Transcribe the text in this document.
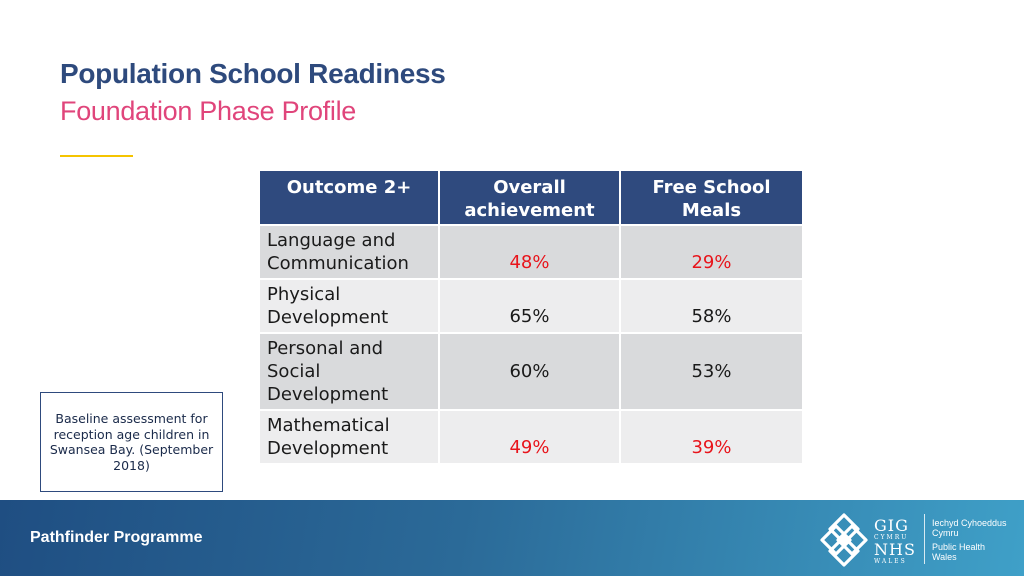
Population School Readiness
Foundation Phase Profile
Outcome 2+	Overall achievement	Free School Meals
Language and Communication	48%	29%
Physical Development	65%	58%
Personal and Social Development	60%	53%
Mathematical Development	49%	39%
Baseline assessment for reception age children in Swansea Bay. (September 2018)
Pathfinder Programme
GIG
CYMRU
NHS
WALES
Iechyd Cyhoeddus
Cymru
Public Health
Wales
